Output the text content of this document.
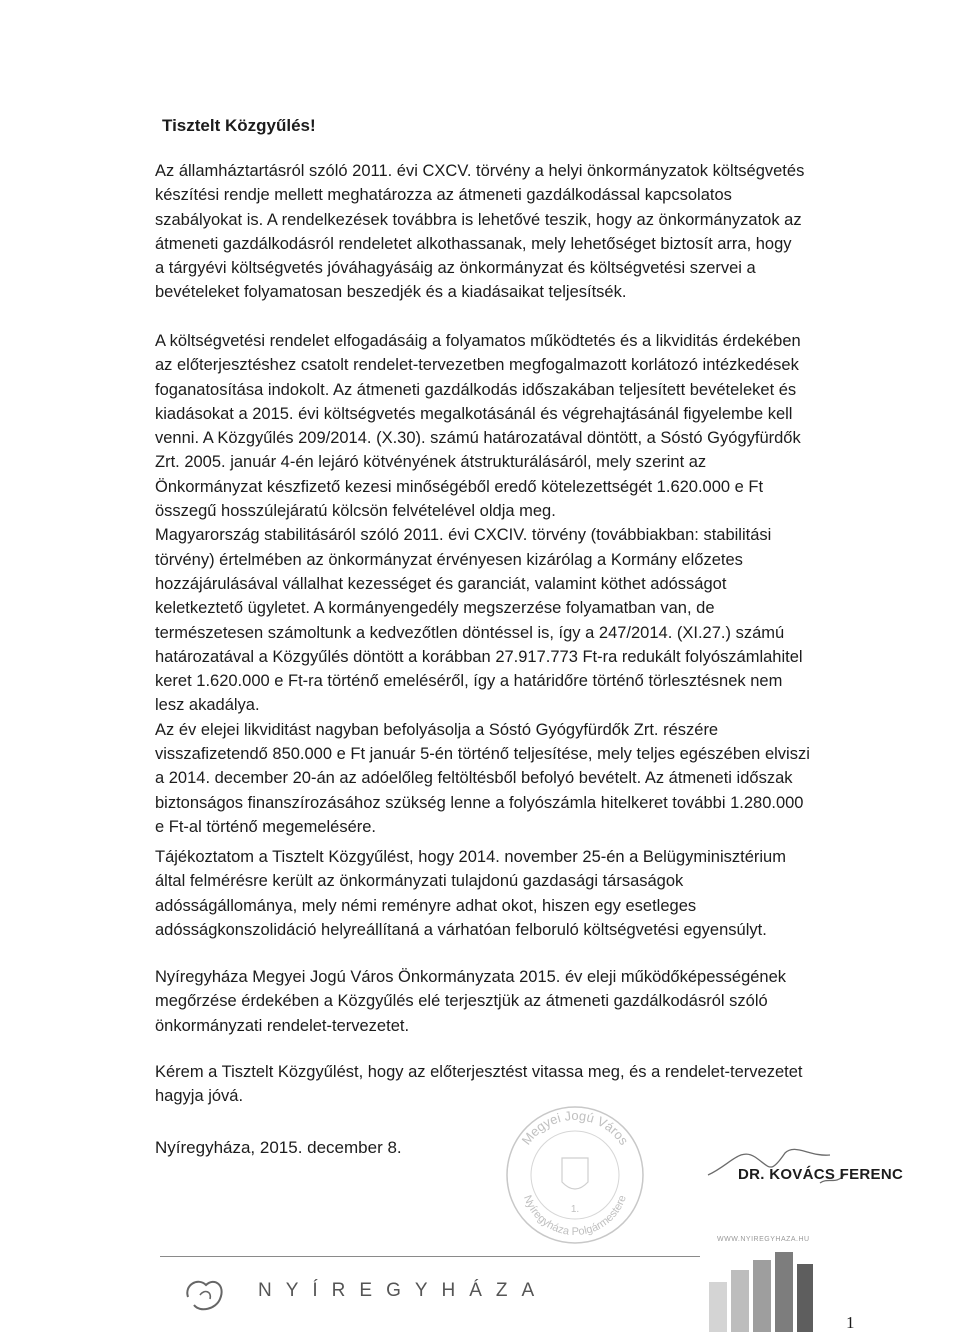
Tisztelt Közgyűlés!
Az államháztartásról szóló 2011. évi CXCV. törvény a helyi önkormányzatok költségvetés
készítési rendje mellett meghatározza az átmeneti gazdálkodással kapcsolatos
szabályokat is. A rendelkezések továbbra is lehetővé teszik, hogy az önkormányzatok az
átmeneti gazdálkodásról rendeletet alkothassanak, mely lehetőséget biztosít arra, hogy
a tárgyévi költségvetés jóváhagyásáig az önkormányzat és költségvetési szervei a
bevételeket folyamatosan beszedjék és a kiadásaikat teljesítsék.
A költségvetési rendelet elfogadásáig a folyamatos működtetés és a likviditás érdekében
az előterjesztéshez csatolt rendelet-tervezetben megfogalmazott korlátozó intézkedések
foganatosítása indokolt. Az átmeneti gazdálkodás időszakában teljesített bevételeket és
kiadásokat a 2015. évi költségvetés megalkotásánál és végrehajtásánál figyelembe kell
venni. A Közgyűlés 209/2014. (X.30). számú határozatával döntött, a Sóstó Gyógyfürdők
Zrt. 2005. január 4-én lejáró kötvényének átstrukturálásáról, mely szerint az
Önkormányzat készfizető kezesi minőségéből eredő kötelezettségét 1.620.000 e Ft
összegű hosszúlejáratú kölcsön felvételével oldja meg.
Magyarország stabilitásáról szóló 2011. évi CXCIV. törvény (továbbiakban: stabilitási
törvény) értelmében az önkormányzat érvényesen kizárólag a Kormány előzetes
hozzájárulásával vállalhat kezességet és garanciát, valamint köthet adósságot
keletkeztető ügyletet. A kormányengedély megszerzése folyamatban van, de
természetesen számoltunk a kedvezőtlen döntéssel is, így a 247/2014. (XI.27.) számú
határozatával a Közgyűlés döntött a korábban 27.917.773 Ft-ra redukált folyószámlahitel
keret 1.620.000 e Ft-ra történő emeléséről, így a határidőre történő törlesztésnek nem
lesz akadálya.
Az év elejei likviditást nagyban befolyásolja a Sóstó Gyógyfürdők Zrt. részére
visszafizetendő 850.000 e Ft január 5-én történő teljesítése, mely teljes egészében elviszi
a 2014. december 20-án az adóelőleg feltöltésből befolyó bevételt. Az átmeneti időszak
biztonságos finanszírozásához szükség lenne a folyószámla hitelkeret további 1.280.000
e Ft-al történő megemelésére.
Tájékoztatom a Tisztelt Közgyűlést, hogy 2014. november 25-én a Belügyminisztérium
által felmérésre került az önkormányzati tulajdonú gazdasági társaságok
adósságállománya, mely némi reményre adhat okot, hiszen egy esetleges
adósságkonszolidáció helyreállítaná a várhatóan felboruló költségvetési egyensúlyt.
Nyíregyháza Megyei Jogú Város Önkormányzata 2015. év eleji működőképességének
megőrzése érdekében a Közgyűlés elé terjesztjük az átmeneti gazdálkodásról szóló
önkormányzati rendelet-tervezetet.
Kérem a Tisztelt Közgyűlést, hogy az előterjesztést vitassa meg, és a rendelet-tervezetet
hagyja jóvá.
Nyíregyháza, 2015. december 8.	Megyei Jogú Város
Nyíregyháza Polgármestere
1.
DR. KOVÁCS FERENC
NYÍREGYHÁZA
WWW.NYIREGYHAZA.HU
1
